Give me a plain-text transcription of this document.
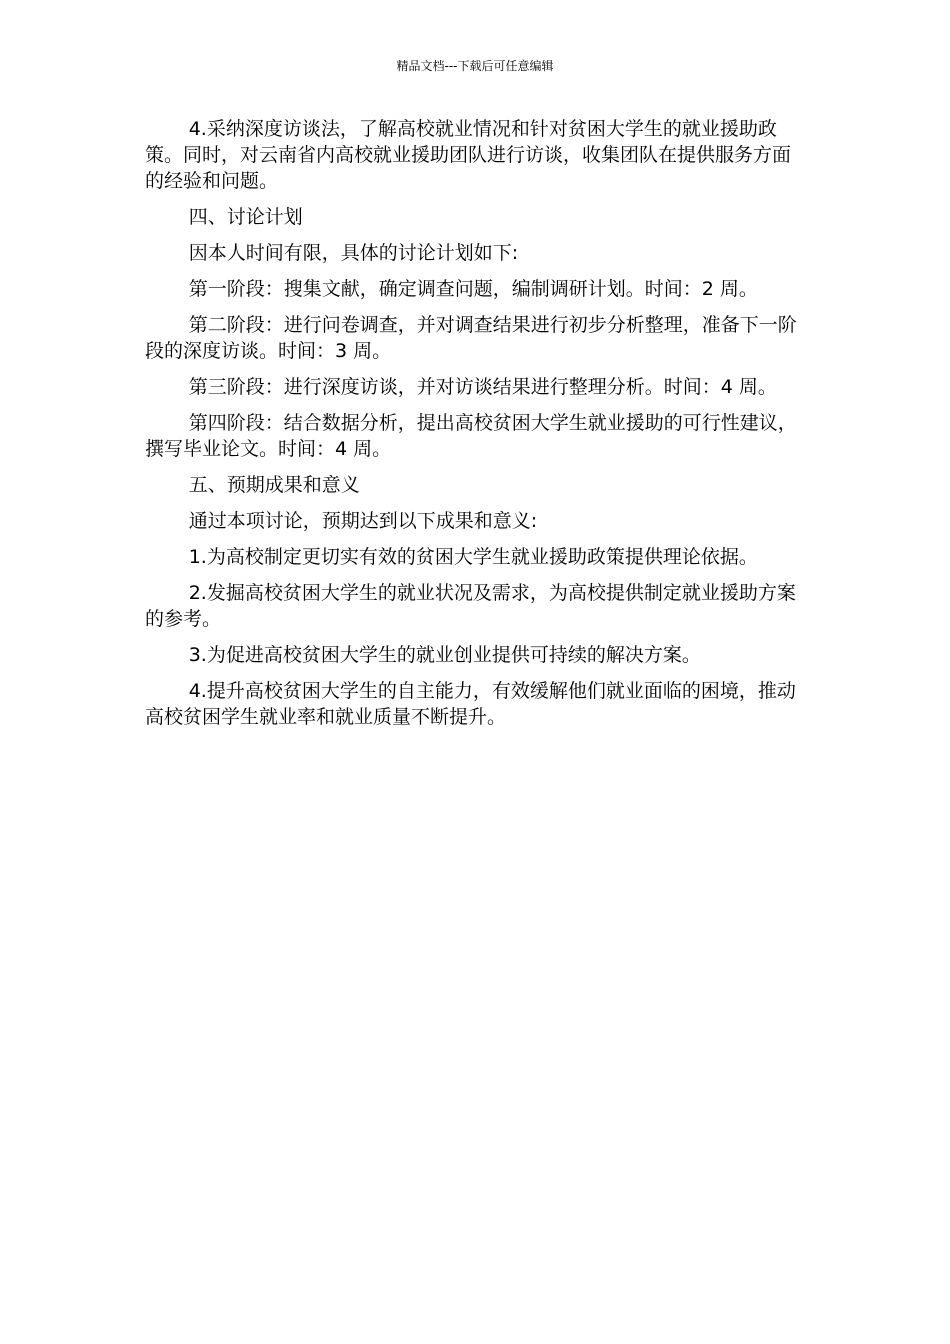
精品文档---下载后可任意编辑

4.采纳深度访谈法，了解高校就业情况和针对贫困大学生的就业援助政策。同时，对云南省内高校就业援助团队进行访谈，收集团队在提供服务方面的经验和问题。

四、讨论计划

因本人时间有限，具体的讨论计划如下:

第一阶段：搜集文献，确定调查问题，编制调研计划。时间：2 周。

第二阶段：进行问卷调查，并对调查结果进行初步分析整理，准备下一阶段的深度访谈。时间：3 周。

第三阶段：进行深度访谈，并对访谈结果进行整理分析。时间：4 周。

第四阶段：结合数据分析，提出高校贫困大学生就业援助的可行性建议，撰写毕业论文。时间：4 周。

五、预期成果和意义

通过本项讨论，预期达到以下成果和意义:

1.为高校制定更切实有效的贫困大学生就业援助政策提供理论依据。

2.发掘高校贫困大学生的就业状况及需求，为高校提供制定就业援助方案的参考。

3.为促进高校贫困大学生的就业创业提供可持续的解决方案。

4.提升高校贫困大学生的自主能力，有效缓解他们就业面临的困境，推动高校贫困学生就业率和就业质量不断提升。
